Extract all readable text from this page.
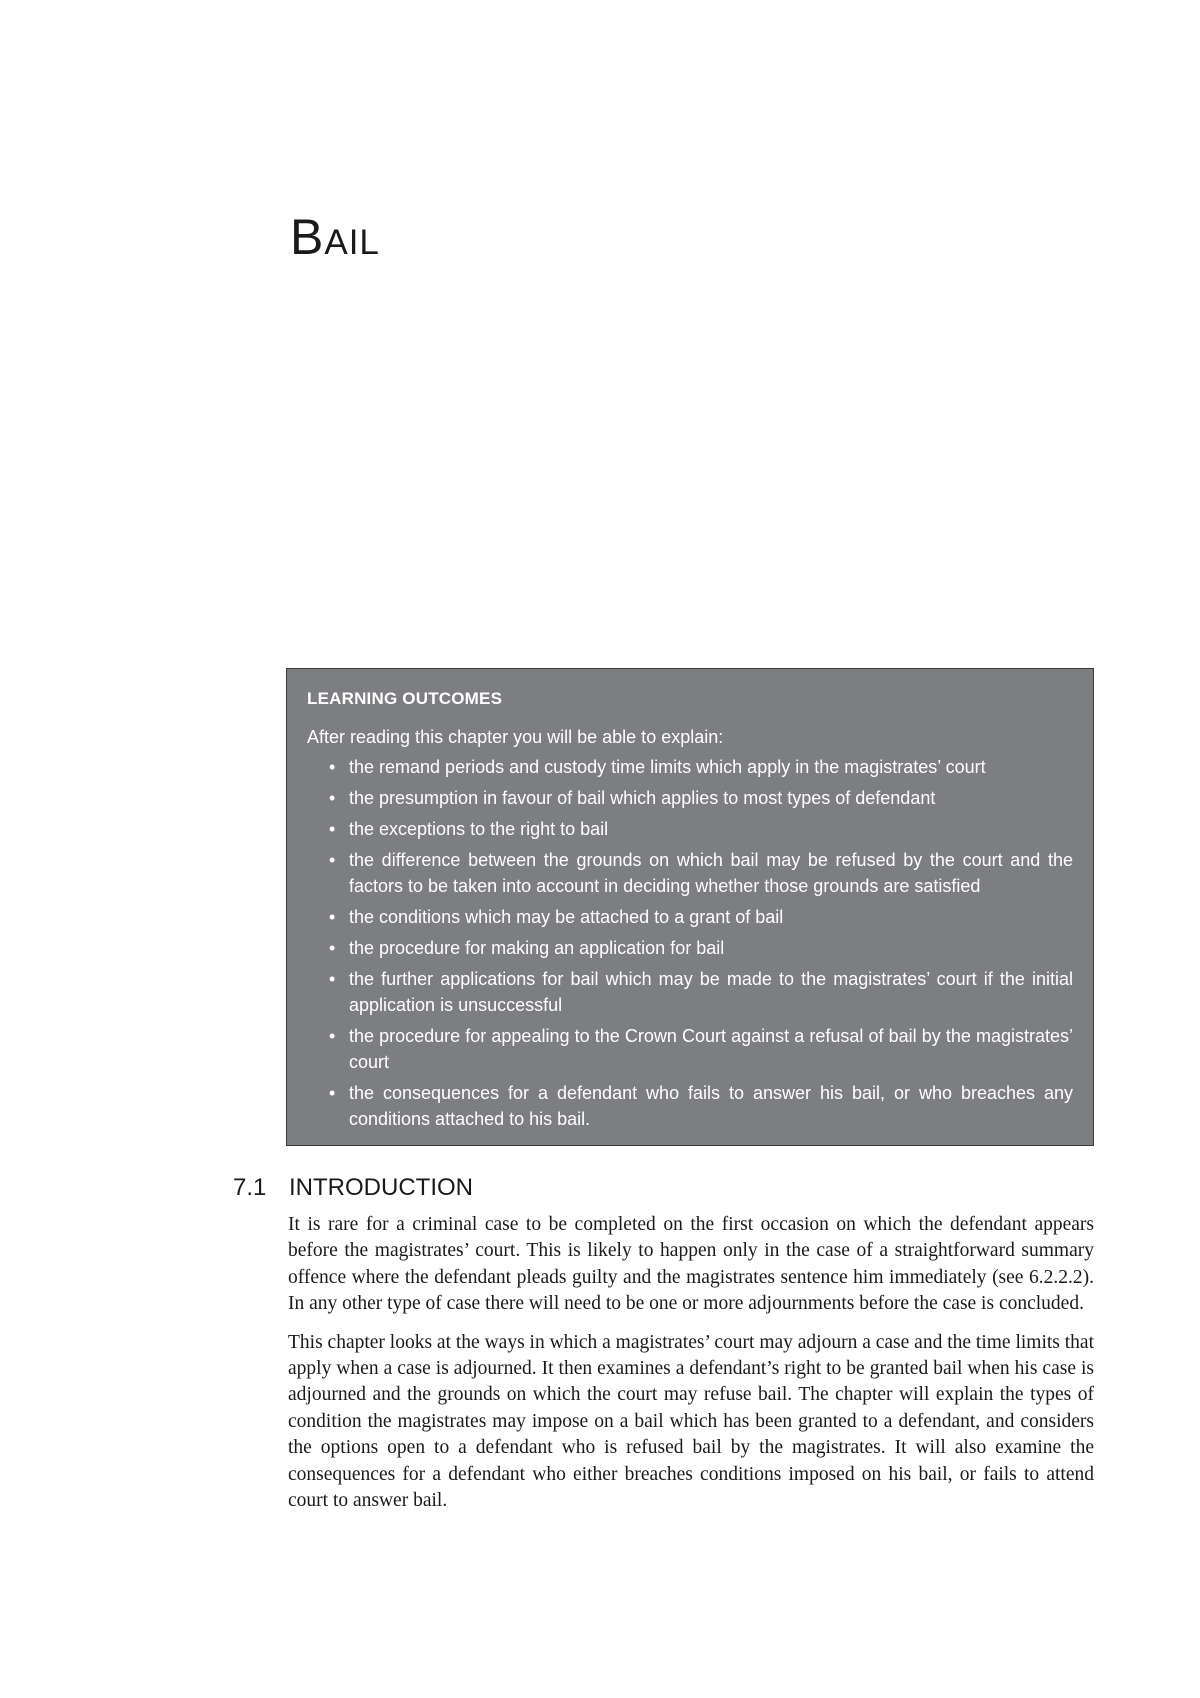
Bail
LEARNING OUTCOMES
After reading this chapter you will be able to explain:
• the remand periods and custody time limits which apply in the magistrates’ court
• the presumption in favour of bail which applies to most types of defendant
• the exceptions to the right to bail
• the difference between the grounds on which bail may be refused by the court and the factors to be taken into account in deciding whether those grounds are satisfied
• the conditions which may be attached to a grant of bail
• the procedure for making an application for bail
• the further applications for bail which may be made to the magistrates’ court if the initial application is unsuccessful
• the procedure for appealing to the Crown Court against a refusal of bail by the magistrates’ court
• the consequences for a defendant who fails to answer his bail, or who breaches any conditions attached to his bail.
7.1 INTRODUCTION

It is rare for a criminal case to be completed on the first occasion on which the defendant appears before the magistrates’ court. This is likely to happen only in the case of a straightforward summary offence where the defendant pleads guilty and the magistrates sentence him immediately (see 6.2.2.2). In any other type of case there will need to be one or more adjournments before the case is concluded.

This chapter looks at the ways in which a magistrates’ court may adjourn a case and the time limits that apply when a case is adjourned. It then examines a defendant’s right to be granted bail when his case is adjourned and the grounds on which the court may refuse bail. The chapter will explain the types of condition the magistrates may impose on a bail which has been granted to a defendant, and considers the options open to a defendant who is refused bail by the magistrates. It will also examine the consequences for a defendant who either breaches conditions imposed on his bail, or fails to attend court to answer bail.
